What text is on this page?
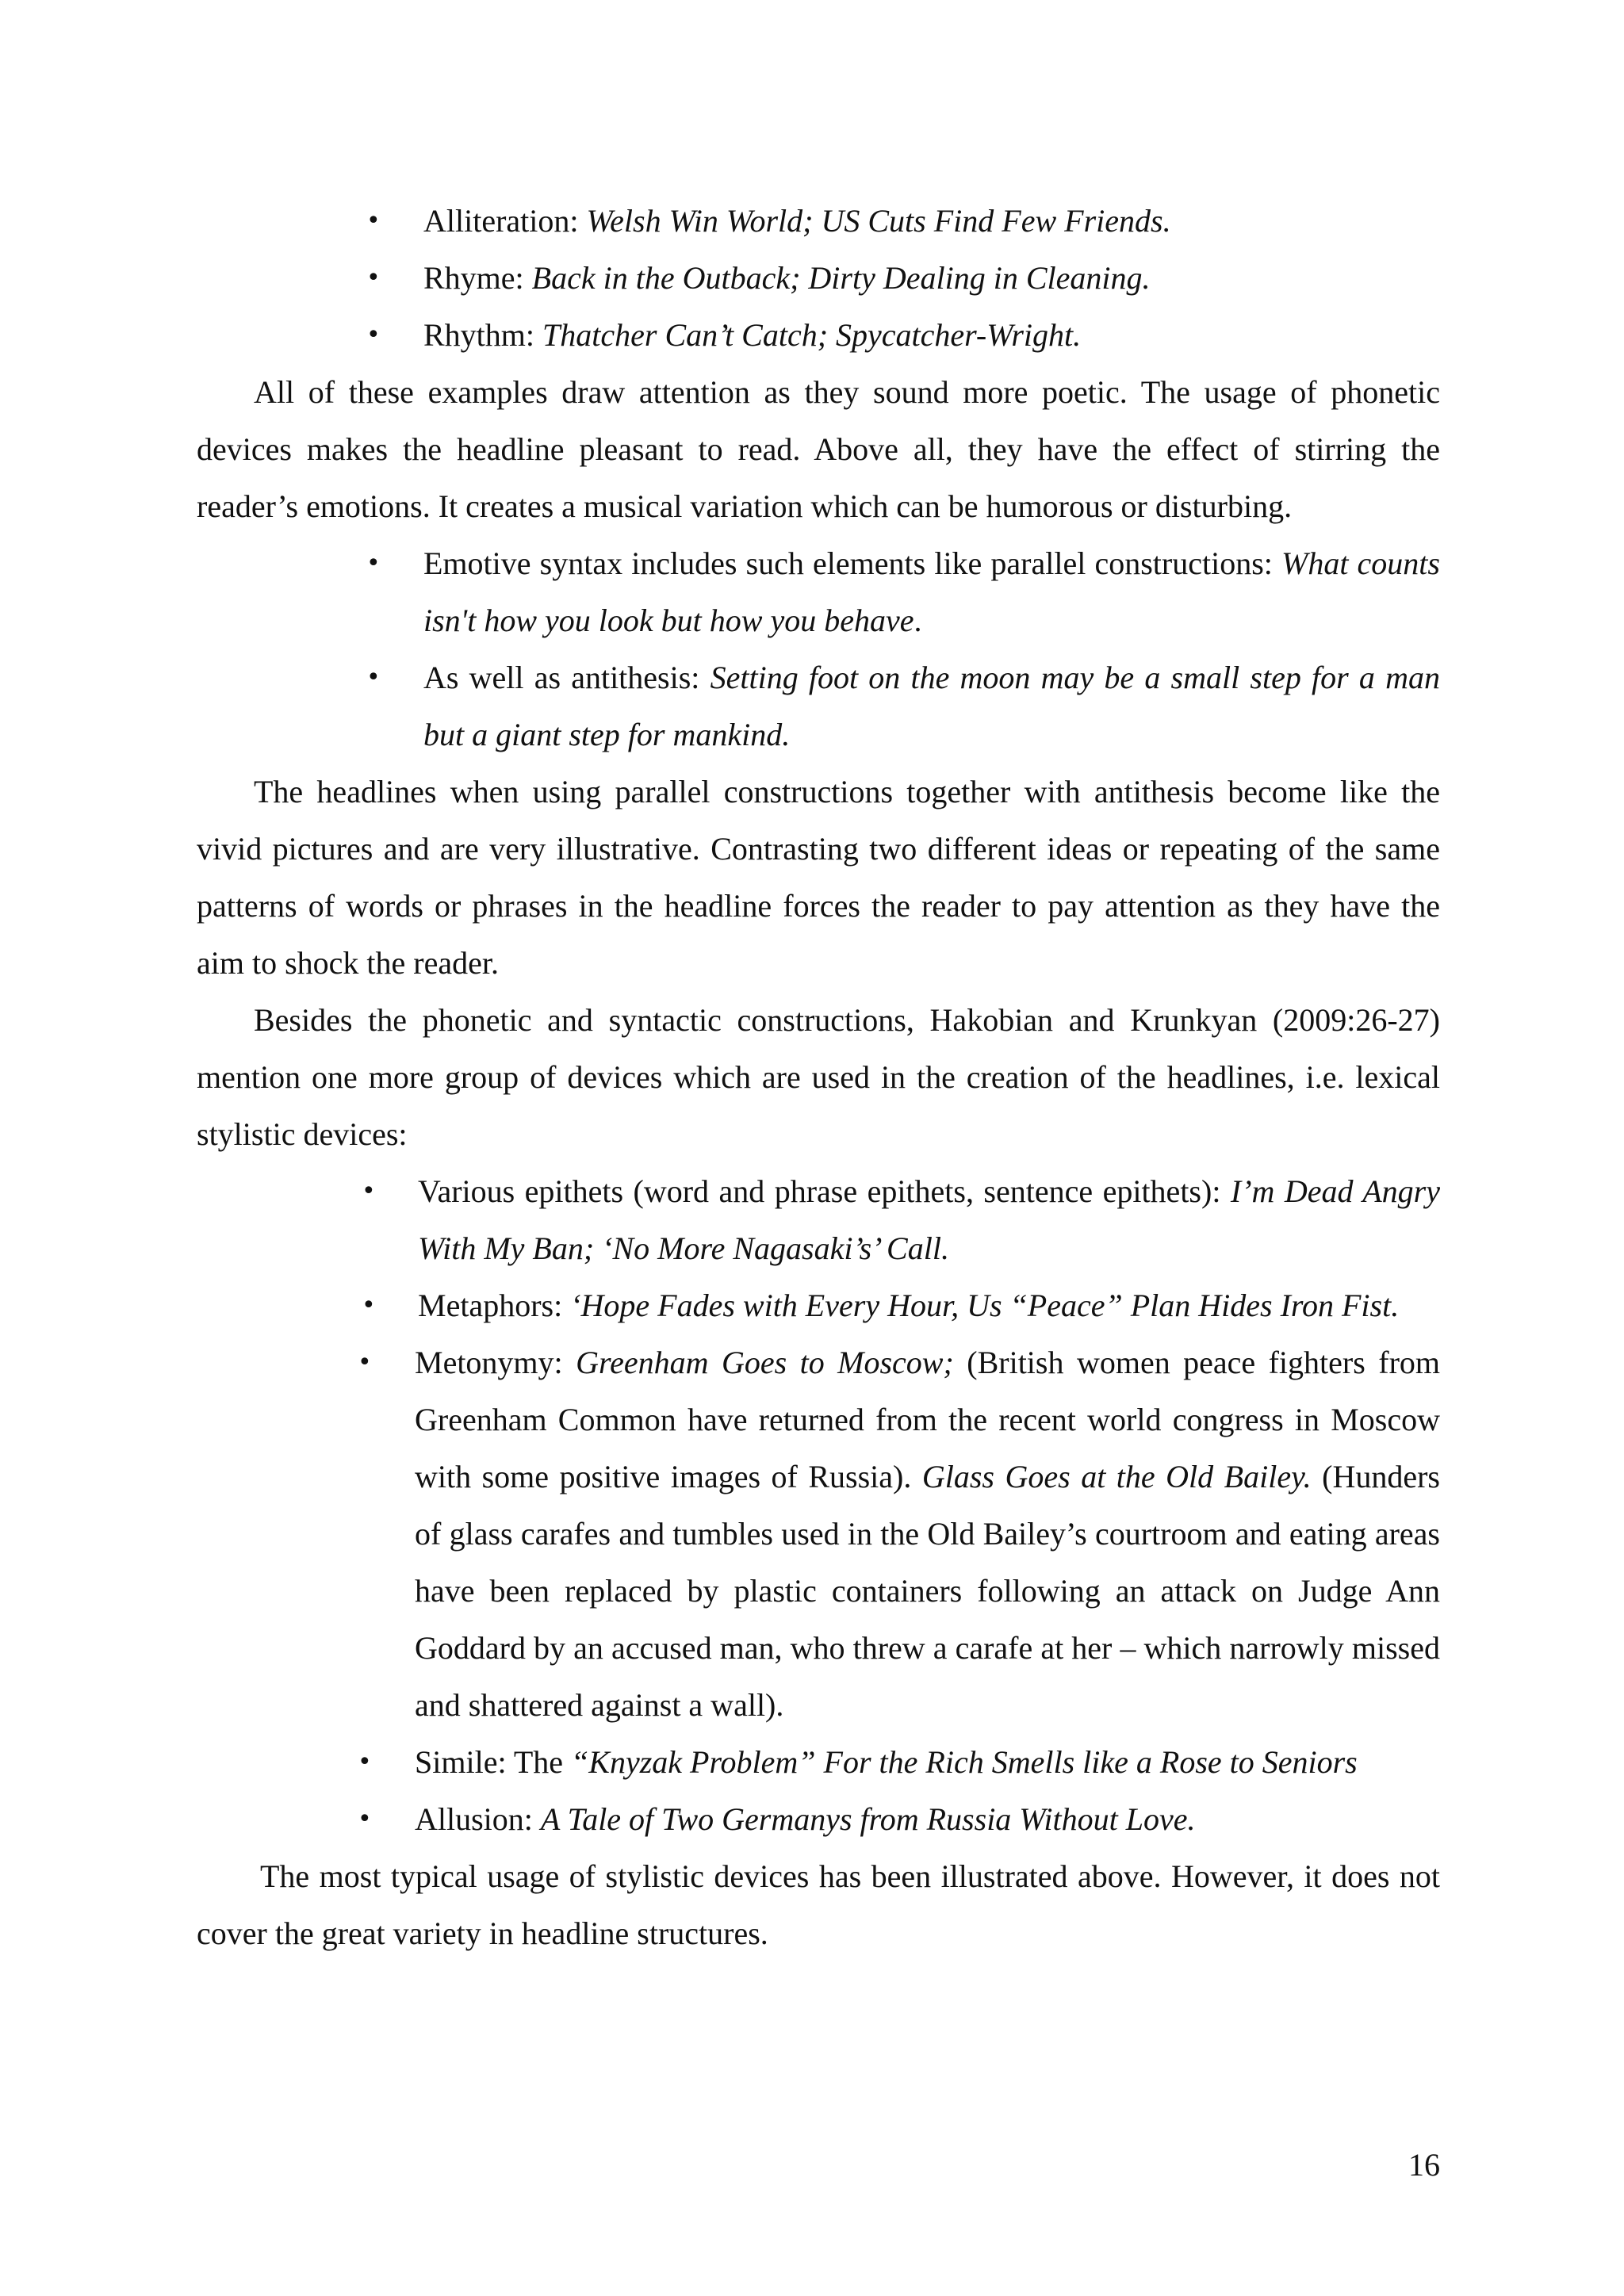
•	Alliteration: Welsh Win World; US Cuts Find Few Friends.

•	Rhyme: Back in the Outback; Dirty Dealing in Cleaning.

•	Rhythm: Thatcher Can’t Catch; Spycatcher-Wright.

All of these examples draw attention as they sound more poetic. The usage of phonetic devices makes the headline pleasant to read. Above all, they have the effect of stirring the reader’s emotions. It creates a musical variation which can be humorous or disturbing.

•	Emotive syntax includes such elements like parallel constructions: What counts isn't how you look but how you behave.

•	As well as antithesis: Setting foot on the moon may be a small step for a man but a giant step for mankind.

The headlines when using parallel constructions together with antithesis become like the vivid pictures and are very illustrative. Contrasting two different ideas or repeating of the same patterns of words or phrases in the headline forces the reader to pay attention as they have the aim to shock the reader.

Besides the phonetic and syntactic constructions, Hakobian and Krunkyan (2009:26-27) mention one more group of devices which are used in the creation of the headlines, i.e. lexical stylistic devices:

•	Various epithets (word and phrase epithets, sentence epithets): I’m Dead Angry With My Ban; ‘No More Nagasaki’s’ Call.

•	Metaphors: ‘Hope Fades with Every Hour, Us “Peace” Plan Hides Iron Fist.

•	Metonymy: Greenham Goes to Moscow; (British women peace fighters from Greenham Common have returned from the recent world congress in Moscow with some positive images of Russia). Glass Goes at the Old Bailey. (Hunders of glass carafes and tumbles used in the Old Bailey’s courtroom and eating areas have been replaced by plastic containers following an attack on Judge Ann Goddard by an accused man, who threw a carafe at her – which narrowly missed and shattered against a wall).

•	Simile: The “Knyzak Problem” For the Rich Smells like a Rose to Seniors

•	Allusion: A Tale of Two Germanys from Russia Without Love.

The most typical usage of stylistic devices has been illustrated above. However, it does not cover the great variety in headline structures.

16
